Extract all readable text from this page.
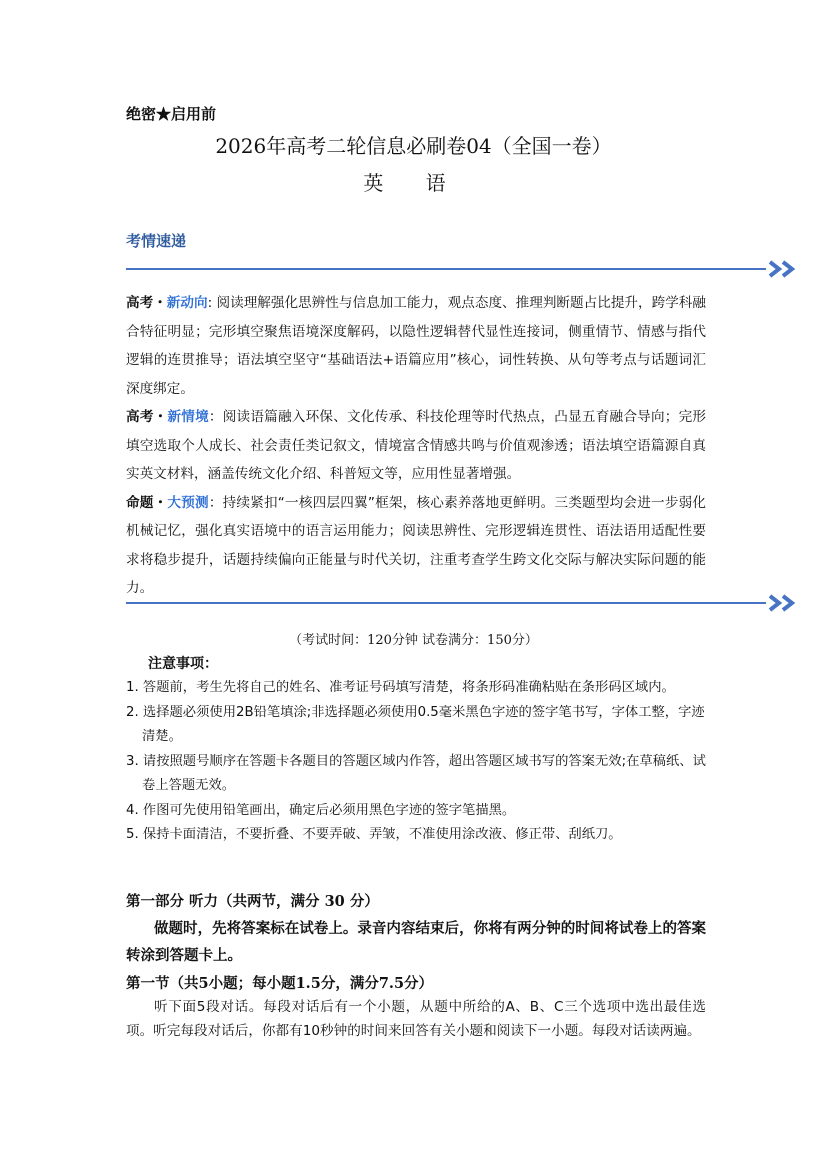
绝密★启用前
2026年高考二轮信息必刷卷04（全国一卷）
英 语
考情速递

高考・新动向: 阅读理解强化思辨性与信息加工能力，观点态度、推理判断题占比提升，跨学科融合特征明显；完形填空聚焦语境深度解码，以隐性逻辑替代显性连接词，侧重情节、情感与指代逻辑的连贯推导；语法填空坚守“基础语法+语篇应用”核心，词性转换、从句等考点与话题词汇深度绑定。

高考・新情境：阅读语篇融入环保、文化传承、科技伦理等时代热点，凸显五育融合导向；完形填空选取个人成长、社会责任类记叙文，情境富含情感共鸣与价值观渗透；语法填空语篇源自真实英文材料，涵盖传统文化介绍、科普短文等，应用性显著增强。

命题・大预测：持续紧扣“一核四层四翼”框架，核心素养落地更鲜明。三类题型均会进一步弱化机械记忆，强化真实语境中的语言运用能力；阅读思辨性、完形逻辑连贯性、语法语用适配性要求将稳步提升，话题持续偏向正能量与时代关切，注重考查学生跨文化交际与解决实际问题的能力。

（考试时间：120分钟 试卷满分：150分）
注意事项：

1. 答题前，考生先将自己的姓名、准考证号码填写清楚，将条形码准确粘贴在条形码区域内。

2. 选择题必须使用2B铅笔填涂;非选择题必须使用0.5毫米黑色字迹的签字笔书写，字体工整，字迹清楚。

3. 请按照题号顺序在答题卡各题目的答题区域内作答，超出答题区域书写的答案无效;在草稿纸、试卷上答题无效。

4. 作图可先使用铅笔画出，确定后必须用黑色字迹的签字笔描黑。

5. 保持卡面清洁，不要折叠、不要弄破、弄皱，不准使用涂改液、修正带、刮纸刀。

第一部分 听力（共两节，满分 30 分）
做题时，先将答案标在试卷上。录音内容结束后，你将有两分钟的时间将试卷上的答案转涂到答题卡上。
第一节（共5小题；每小题1.5分，满分7.5分）
听下面5段对话。每段对话后有一个小题，从题中所给的A、B、C三个选项中选出最佳选项。听完每段对话后，你都有10秒钟的时间来回答有关小题和阅读下一小题。每段对话读两遍。
